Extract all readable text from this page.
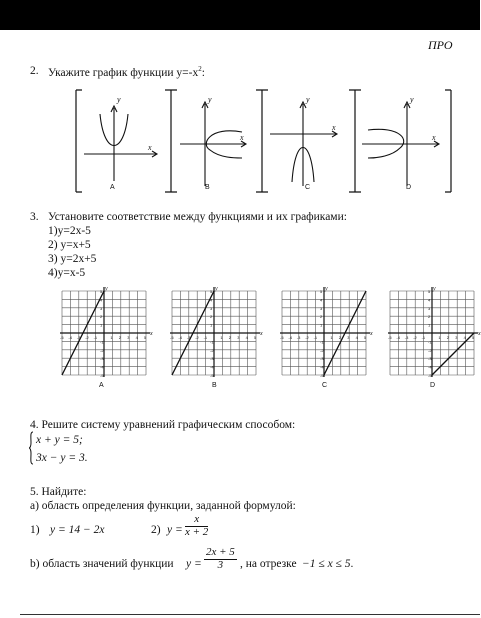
ПРО
2. Укажите график функции $y=-x^2$:
y
x
y
x
y
x
y
x
A	B	C	D
3. Установите соответствие между функциями и их графиками:
1)y=2x-5
2) y=x+5
3) y=2x+5
4)y=x-5
x
y
-5
-5
-4
-4
-3
-3
-2
-2
-1
-1
1
1
2
2
3
3
4
4
5
5
x
y
-5
-5
-4
-4
-3
-3
-2
-2
-1
-1
1
1
2
2
3
3
4
4
5
5
x
y
-5
-5
-4
-4
-3
-3
-2
-2
-1
-1
1
1
2
2
3
3
4
4
5
5
x
y
-5
-5
-4
-4
-3
-3
-2
-2
-1
-1
1
1
2
2
3
3
4
4
5
5
A	B	C	D
4. Решите систему уравнений графическим способом:
x + y = 5;
3x − y = 3.
5. Найдите:
а) область определения функции, заданной формулой:
1) y = 14 − 2x	2) $y = \frac{x}{x + 2}$
b) область значений функции $y = \frac{2x + 5}{3}$ , на отрезке −1 ≤ x ≤ 5.
